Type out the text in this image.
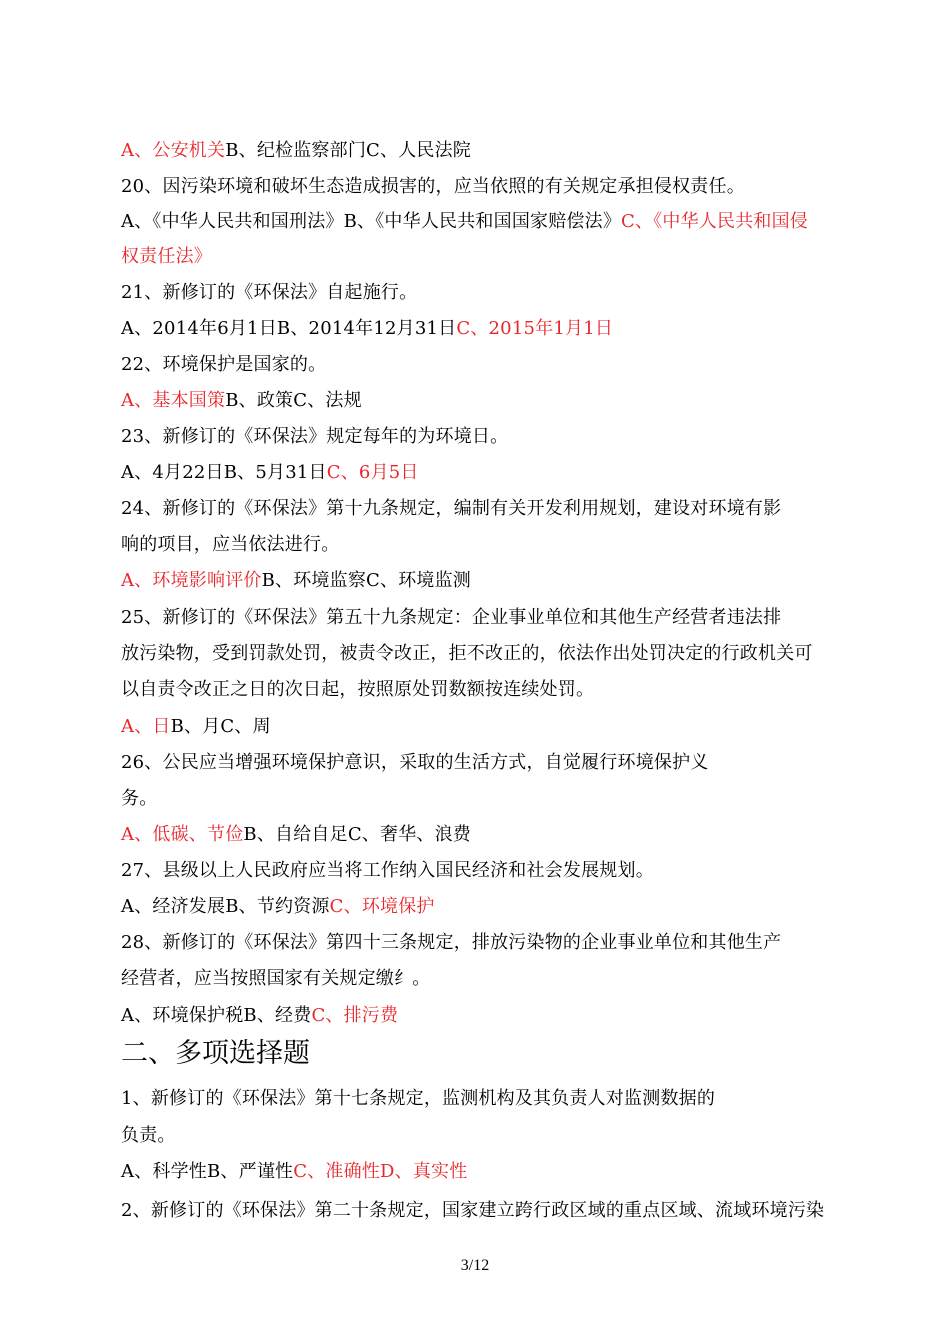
A、公安机关B、纪检监察部门C、人民法院
20、因污染环境和破坏生态造成损害的，应当依照的有关规定承担侵权责任。
A、《中华人民共和国刑法》B、《中华人民共和国国家赔偿法》C、《中华人民共和国侵
权责任法》
21、新修订的《环保法》自起施行。
A、2014年6月1日B、2014年12月31日C、2015年1月1日
22、环境保护是国家的。
A、基本国策B、政策C、法规
23、新修订的《环保法》规定每年的为环境日。
A、4月22日B、5月31日C、6月5日
24、新修订的《环保法》第十九条规定，编制有关开发利用规划，建设对环境有影
响的项目，应当依法进行。
A、环境影响评价B、环境监察C、环境监测
25、新修订的《环保法》第五十九条规定：企业事业单位和其他生产经营者违法排
放污染物，受到罚款处罚，被责令改正，拒不改正的，依法作出处罚决定的行政机关可
以自责令改正之日的次日起，按照原处罚数额按连续处罚。
A、日B、月C、周
26、公民应当增强环境保护意识，采取的生活方式，自觉履行环境保护义
务。
A、低碳、节俭B、自给自足C、奢华、浪费
27、县级以上人民政府应当将工作纳入国民经济和社会发展规划。
A、经济发展B、节约资源C、环境保护
28、新修订的《环保法》第四十三条规定，排放污染物的企业事业单位和其他生产
经营者，应当按照国家有关规定缴纟。
A、环境保护税B、经费C、排污费
二、多项选择题
1、新修订的《环保法》第十七条规定，监测机构及其负责人对监测数据的
负责。
A、科学性B、严谨性C、准确性D、真实性
2、新修订的《环保法》第二十条规定，国家建立跨行政区域的重点区域、流域环境污染
3/12
